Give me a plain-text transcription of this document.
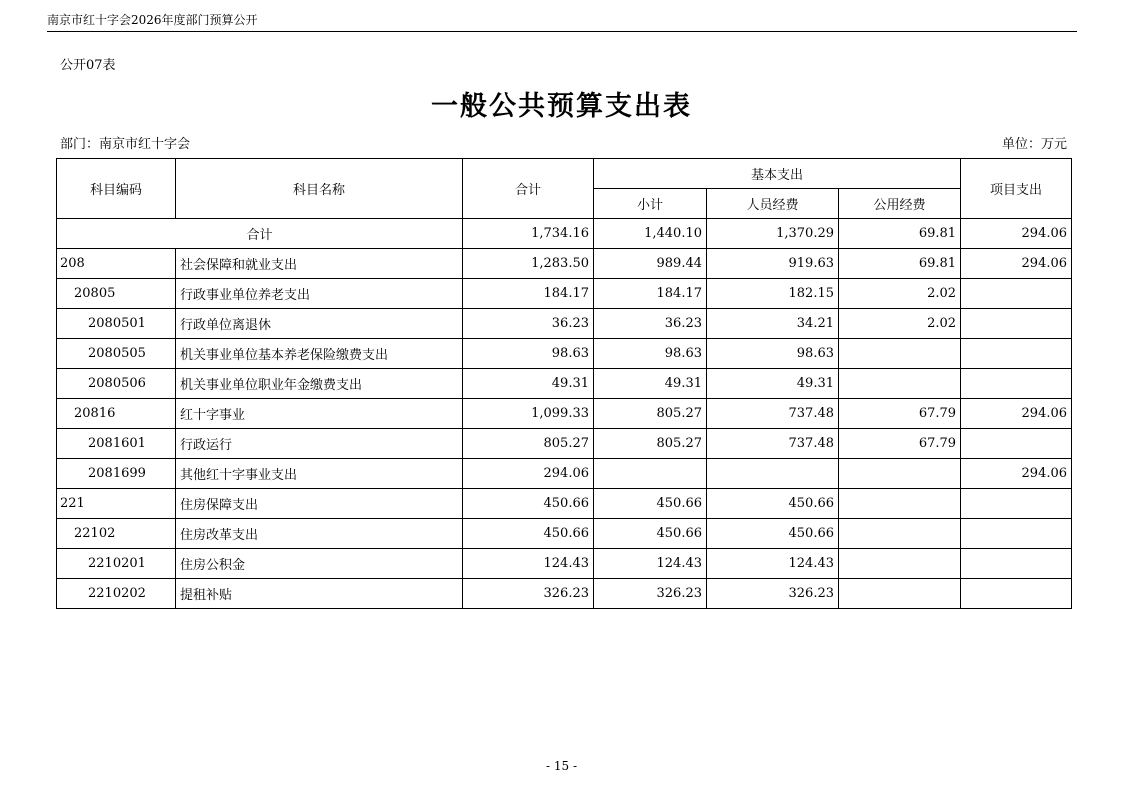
南京市红十字会2026年度部门预算公开
公开07表
一般公共预算支出表
部门：南京市红十字会	单位：万元
科目编码	科目名称	合计	基本支出			项目支出
			小计	人员经费	公用经费	
合计		1,734.16	1,440.10	1,370.29	69.81	294.06
208	社会保障和就业支出	1,283.50	989.44	919.63	69.81	294.06
20805	行政事业单位养老支出	184.17	184.17	182.15	2.02	
2080501	行政单位离退休	36.23	36.23	34.21	2.02	
2080505	机关事业单位基本养老保险缴费支出	98.63	98.63	98.63		
2080506	机关事业单位职业年金缴费支出	49.31	49.31	49.31		
20816	红十字事业	1,099.33	805.27	737.48	67.79	294.06
2081601	行政运行	805.27	805.27	737.48	67.79	
2081699	其他红十字事业支出	294.06				294.06
221	住房保障支出	450.66	450.66	450.66		
22102	住房改革支出	450.66	450.66	450.66		
2210201	住房公积金	124.43	124.43	124.43		
2210202	提租补贴	326.23	326.23	326.23		
- 15 -
